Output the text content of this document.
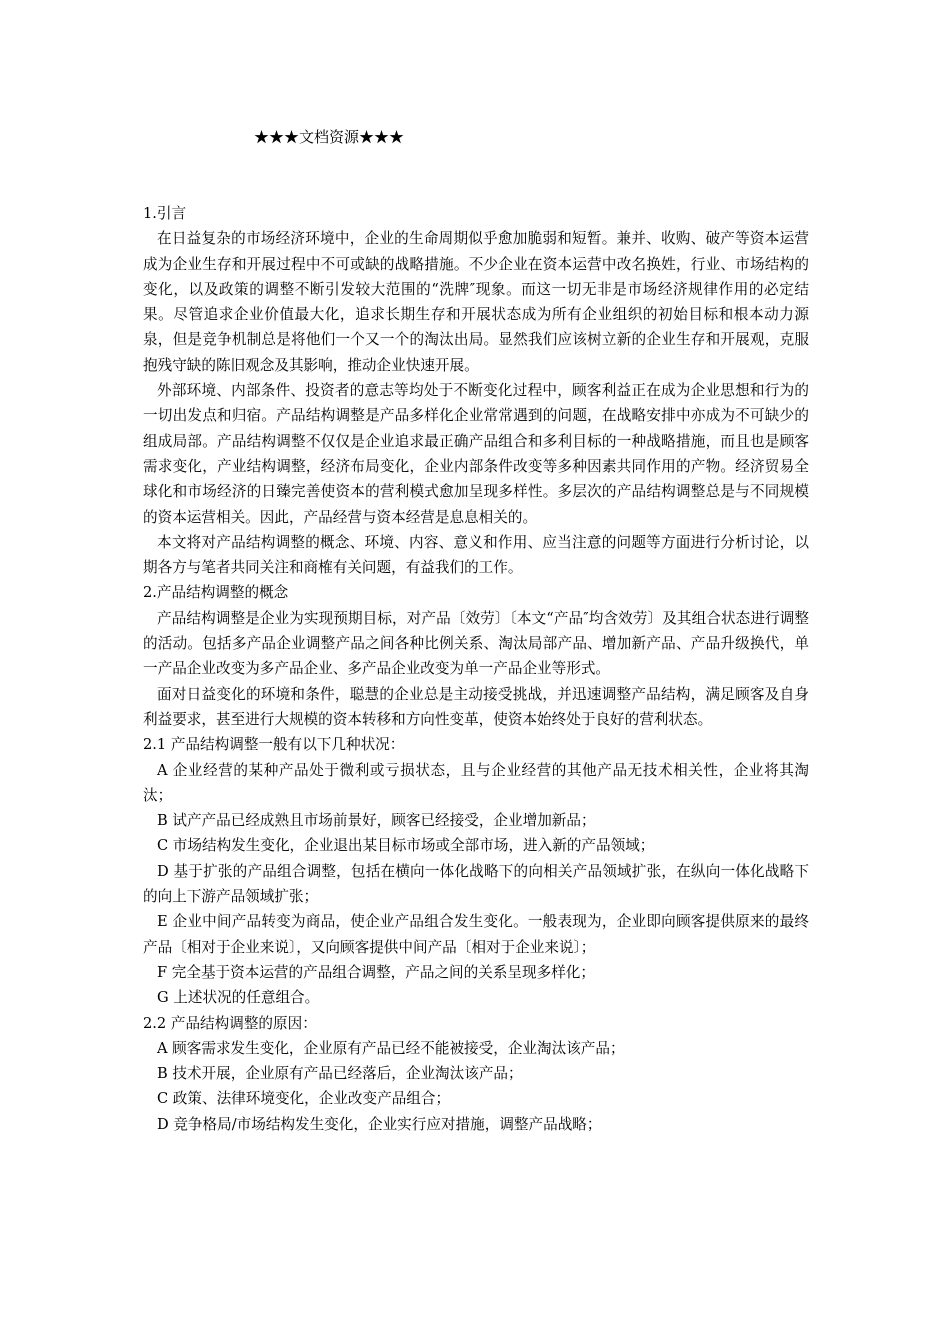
★★★文档资源★★★

1.引言

在日益复杂的市场经济环境中，企业的生命周期似乎愈加脆弱和短暂。兼并、收购、破产等资本运营成为企业生存和开展过程中不可或缺的战略措施。不少企业在资本运营中改名换姓，行业、市场结构的变化，以及政策的调整不断引发较大范围的“洗牌″现象。而这一切无非是市场经济规律作用的必定结果。尽管追求企业价值最大化，追求长期生存和开展状态成为所有企业组织的初始目标和根本动力源泉，但是竞争机制总是将他们一个又一个的淘汰出局。显然我们应该树立新的企业生存和开展观，克服抱残守缺的陈旧观念及其影响，推动企业快速开展。

外部环境、内部条件、投资者的意志等均处于不断变化过程中，顾客利益正在成为企业思想和行为的一切出发点和归宿。产品结构调整是产品多样化企业常常遇到的问题，在战略安排中亦成为不可缺少的组成局部。产品结构调整不仅仅是企业追求最正确产品组合和多利目标的一种战略措施，而且也是顾客需求变化，产业结构调整，经济布局变化，企业内部条件改变等多种因素共同作用的产物。经济贸易全球化和市场经济的日臻完善使资本的营利模式愈加呈现多样性。多层次的产品结构调整总是与不同规模的资本运营相关。因此，产品经营与资本经营是息息相关的。

本文将对产品结构调整的概念、环境、内容、意义和作用、应当注意的问题等方面进行分析讨论，以期各方与笔者共同关注和商榷有关问题，有益我们的工作。

2.产品结构调整的概念

产品结构调整是企业为实现预期目标，对产品〔效劳〕〔本文“产品″均含效劳〕及其组合状态进行调整的活动。包括多产品企业调整产品之间各种比例关系、淘汰局部产品、增加新产品、产品升级换代，单一产品企业改变为多产品企业、多产品企业改变为单一产品企业等形式。

面对日益变化的环境和条件，聪慧的企业总是主动接受挑战，并迅速调整产品结构，满足顾客及自身利益要求，甚至进行大规模的资本转移和方向性变革，使资本始终处于良好的营利状态。

2.1 产品结构调整一般有以下几种状况：

A 企业经营的某种产品处于微利或亏损状态，且与企业经营的其他产品无技术相关性，企业将其淘汰；

B 试产产品已经成熟且市场前景好，顾客已经接受，企业增加新品；

C 市场结构发生变化，企业退出某目标市场或全部市场，进入新的产品领域；

D 基于扩张的产品组合调整，包括在横向一体化战略下的向相关产品领域扩张，在纵向一体化战略下的向上下游产品领域扩张；

E 企业中间产品转变为商品，使企业产品组合发生变化。一般表现为，企业即向顾客提供原来的最终产品〔相对于企业来说〕，又向顾客提供中间产品〔相对于企业来说〕；

F 完全基于资本运营的产品组合调整，产品之间的关系呈现多样化；

G 上述状况的任意组合。

2.2 产品结构调整的原因：

A 顾客需求发生变化，企业原有产品已经不能被接受，企业淘汰该产品；

B 技术开展，企业原有产品已经落后，企业淘汰该产品；

C 政策、法律环境变化，企业改变产品组合；

D 竞争格局/市场结构发生变化，企业实行应对措施，调整产品战略；
